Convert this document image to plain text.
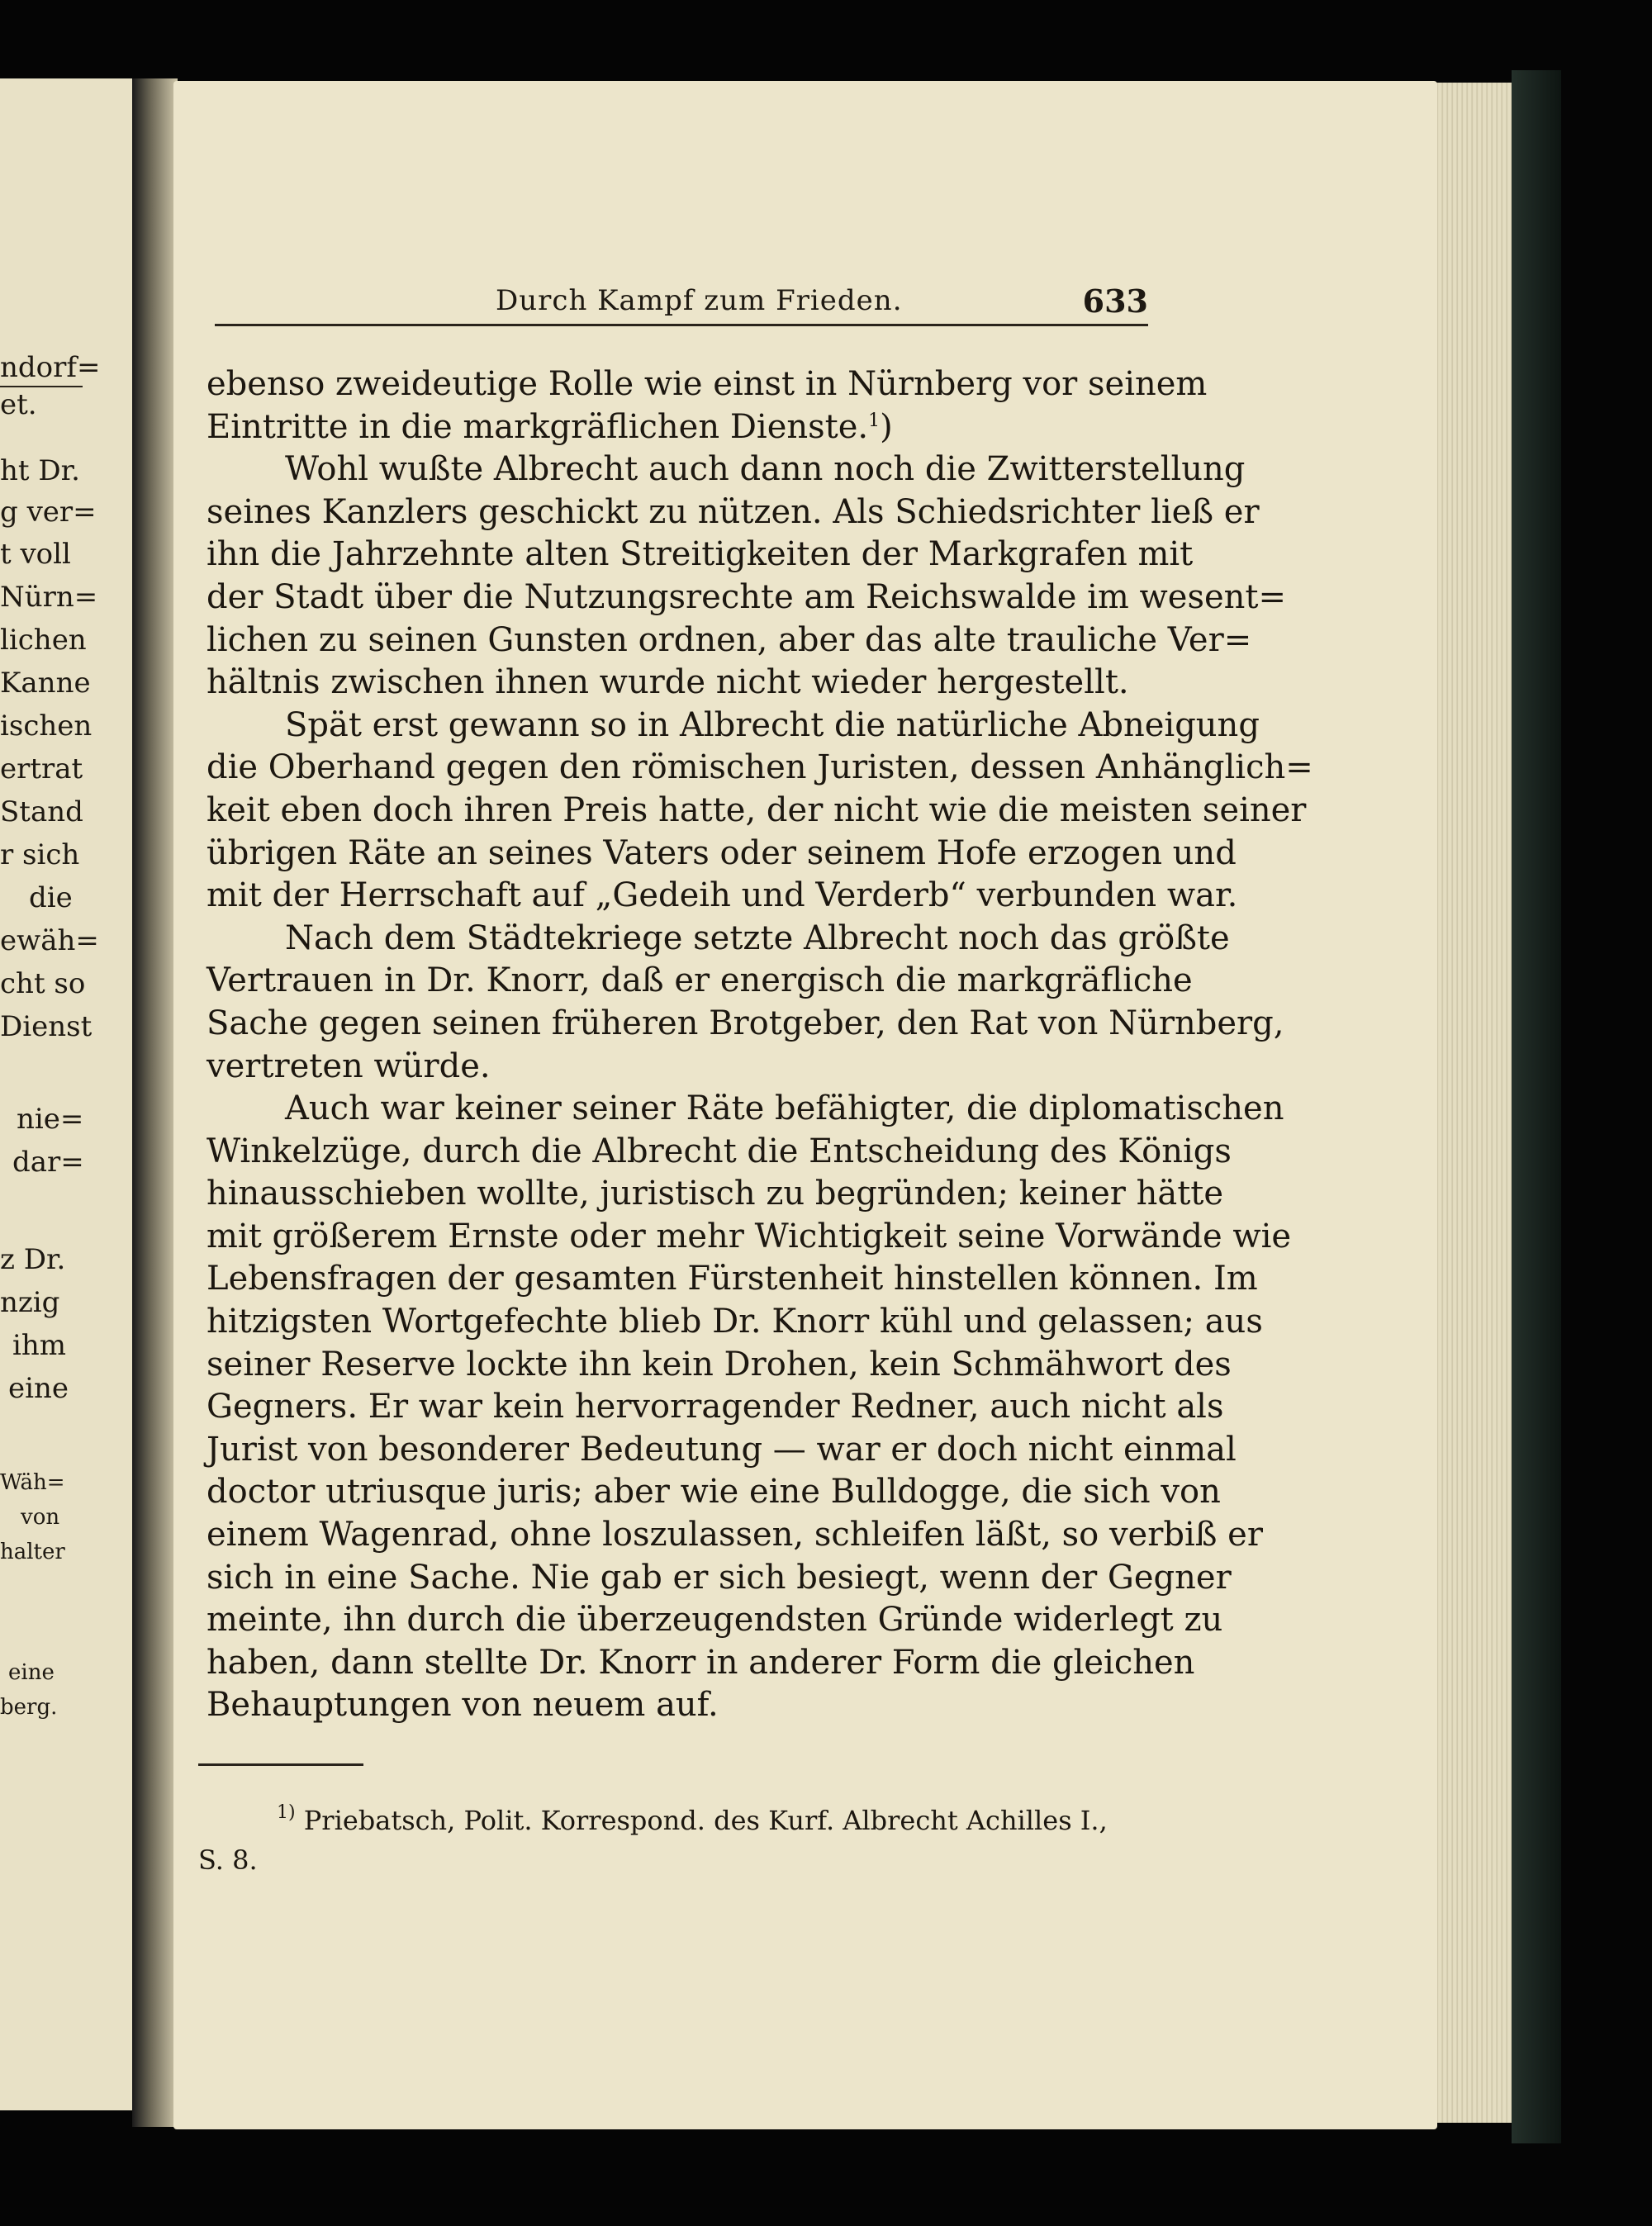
ndorf=
et.
ht Dr.
g ver=
t voll
Nürn=
lichen
Kanne
ischen
ertrat
Stand
r sich
die
ewäh=
cht so
Dienst
nie=
dar=
z Dr.
nzig
ihm
eine
Wäh=
von
halter
eine
berg.
Durch Kampf zum Frieden.	633
ebenso zweideutige Rolle wie einst in Nürnberg vor seinem
Eintritte in die markgräflichen Dienste.$^1$)
Wohl wußte Albrecht auch dann noch die Zwitterstellung
seines Kanzlers geschickt zu nützen. Als Schiedsrichter ließ er
ihn die Jahrzehnte alten Streitigkeiten der Markgrafen mit
der Stadt über die Nutzungsrechte am Reichswalde im wesent=
lichen zu seinen Gunsten ordnen, aber das alte trauliche Ver=
hältnis zwischen ihnen wurde nicht wieder hergestellt.
Spät erst gewann so in Albrecht die natürliche Abneigung
die Oberhand gegen den römischen Juristen, dessen Anhänglich=
keit eben doch ihren Preis hatte, der nicht wie die meisten seiner
übrigen Räte an seines Vaters oder seinem Hofe erzogen und
mit der Herrschaft auf „Gedeih und Verderb“ verbunden war.
Nach dem Städtekriege setzte Albrecht noch das größte
Vertrauen in Dr. Knorr, daß er energisch die markgräfliche
Sache gegen seinen früheren Brotgeber, den Rat von Nürnberg,
vertreten würde.
Auch war keiner seiner Räte befähigter, die diplomatischen
Winkelzüge, durch die Albrecht die Entscheidung des Königs
hinausschieben wollte, juristisch zu begründen; keiner hätte
mit größerem Ernste oder mehr Wichtigkeit seine Vorwände wie
Lebensfragen der gesamten Fürstenheit hinstellen können. Im
hitzigsten Wortgefechte blieb Dr. Knorr kühl und gelassen; aus
seiner Reserve lockte ihn kein Drohen, kein Schmähwort des
Gegners. Er war kein hervorragender Redner, auch nicht als
Jurist von besonderer Bedeutung — war er doch nicht einmal
doctor utriusque juris; aber wie eine Bulldogge, die sich von
einem Wagenrad, ohne loszulassen, schleifen läßt, so verbiß er
sich in eine Sache. Nie gab er sich besiegt, wenn der Gegner
meinte, ihn durch die überzeugendsten Gründe widerlegt zu
haben, dann stellte Dr. Knorr in anderer Form die gleichen
Behauptungen von neuem auf.
$^{1)}$ Priebatsch, Polit. Korrespond. des Kurf. Albrecht Achilles I.,
S. 8.
